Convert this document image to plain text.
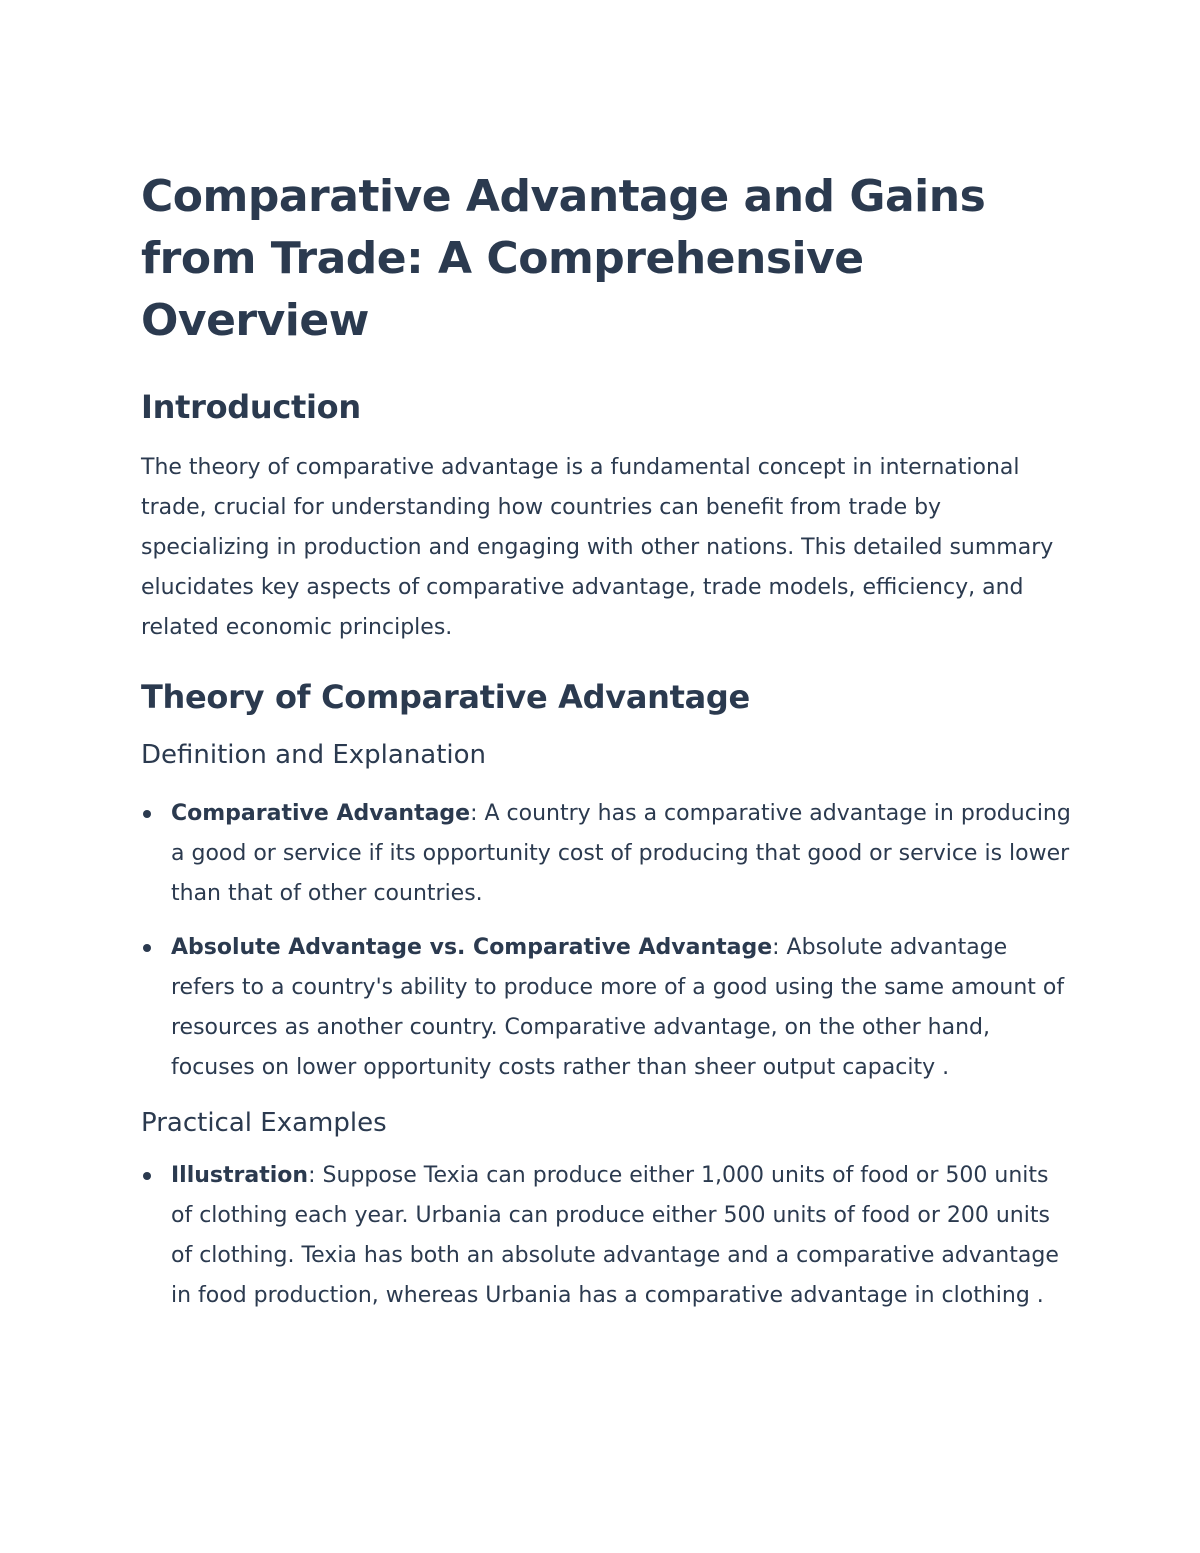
Comparative Advantage and Gains from Trade: A Comprehensive Overview
Introduction

The theory of comparative advantage is a fundamental concept in international trade, crucial for understanding how countries can benefit from trade by specializing in production and engaging with other nations. This detailed summary elucidates key aspects of comparative advantage, trade models, efficiency, and related economic principles.

Theory of Comparative Advantage
Definition and Explanation
Comparative Advantage: A country has a comparative advantage in producing a good or service if its opportunity cost of producing that good or service is lower than that of other countries.
Absolute Advantage vs. Comparative Advantage: Absolute advantage refers to a country's ability to produce more of a good using the same amount of resources as another country. Comparative advantage, on the other hand, focuses on lower opportunity costs rather than sheer output capacity .
Practical Examples
Illustration: Suppose Texia can produce either 1,000 units of food or 500 units of clothing each year. Urbania can produce either 500 units of food or 200 units of clothing. Texia has both an absolute advantage and a comparative advantage in food production, whereas Urbania has a comparative advantage in clothing .
